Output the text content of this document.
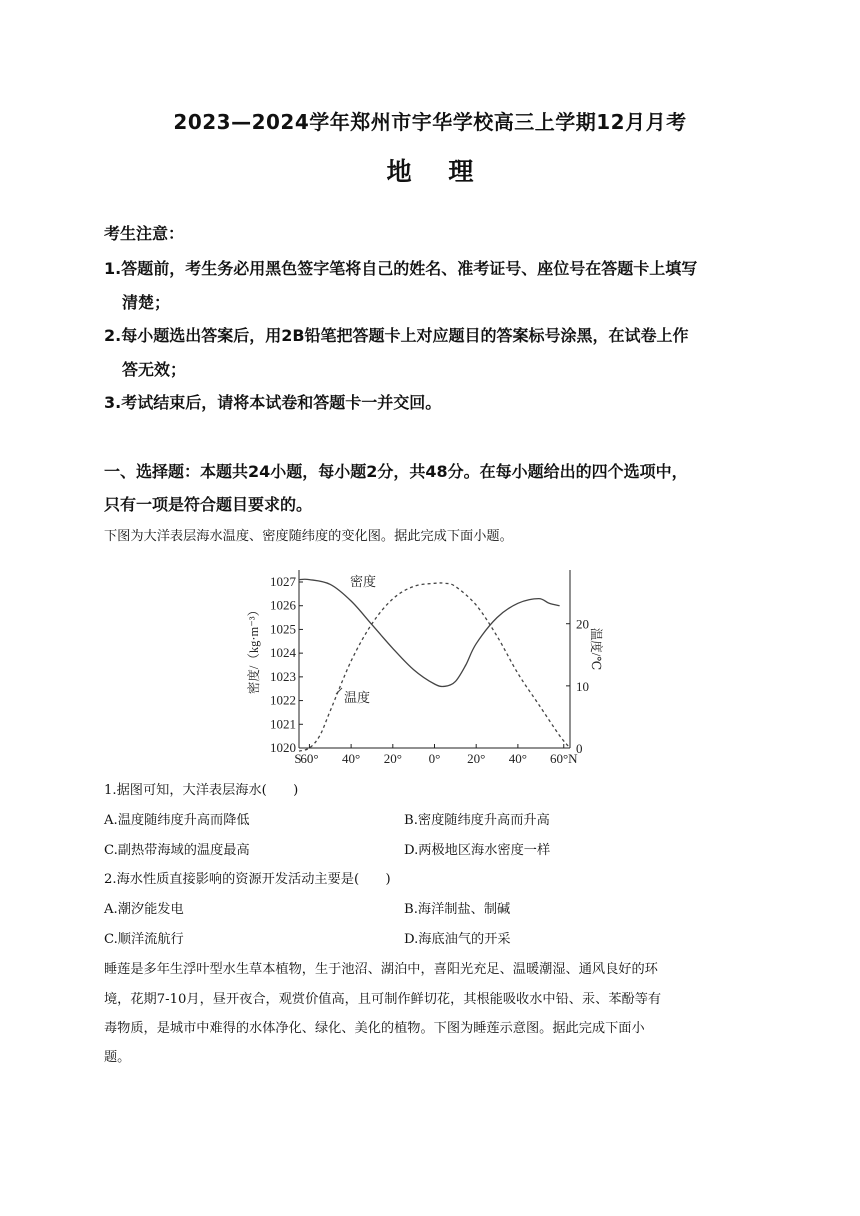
2023—2024学年郑州市宇华学校高三上学期12月月考
地 理
考生注意：
1.答题前，考生务必用黑色签字笔将自己的姓名、准考证号、座位号在答题卡上填写
清楚；
2.每小题选出答案后，用2B铅笔把答题卡上对应题目的答案标号涂黑，在试卷上作
答无效；
3.考试结束后，请将本试卷和答题卡一并交回。
一、选择题：本题共24小题，每小题2分，共48分。在每小题给出的四个选项中，
只有一项是符合题目要求的。
下图为大洋表层海水温度、密度随纬度的变化图。据此完成下面小题。
1020
1021
1022
1023
1024
1025
1026
1027
0
10
20
S
60° 40° 20° 0° 20° 40° 60°N
密度
温度
密度/（kg·m⁻³）	温度/℃
1.据图可知，大洋表层海水(　　)
A.温度随纬度升高而降低	B.密度随纬度升高而升高
C.副热带海域的温度最高	D.两极地区海水密度一样
2.海水性质直接影响的资源开发活动主要是(　　)
A.潮汐能发电	B.海洋制盐、制碱
C.顺洋流航行	D.海底油气的开采
睡莲是多年生浮叶型水生草本植物，生于池沼、湖泊中，喜阳光充足、温暖潮湿、通风良好的环
境，花期7-10月，昼开夜合，观赏价值高，且可制作鲜切花，其根能吸收水中铅、汞、苯酚等有
毒物质，是城市中难得的水体净化、绿化、美化的植物。下图为睡莲示意图。据此完成下面小
题。
